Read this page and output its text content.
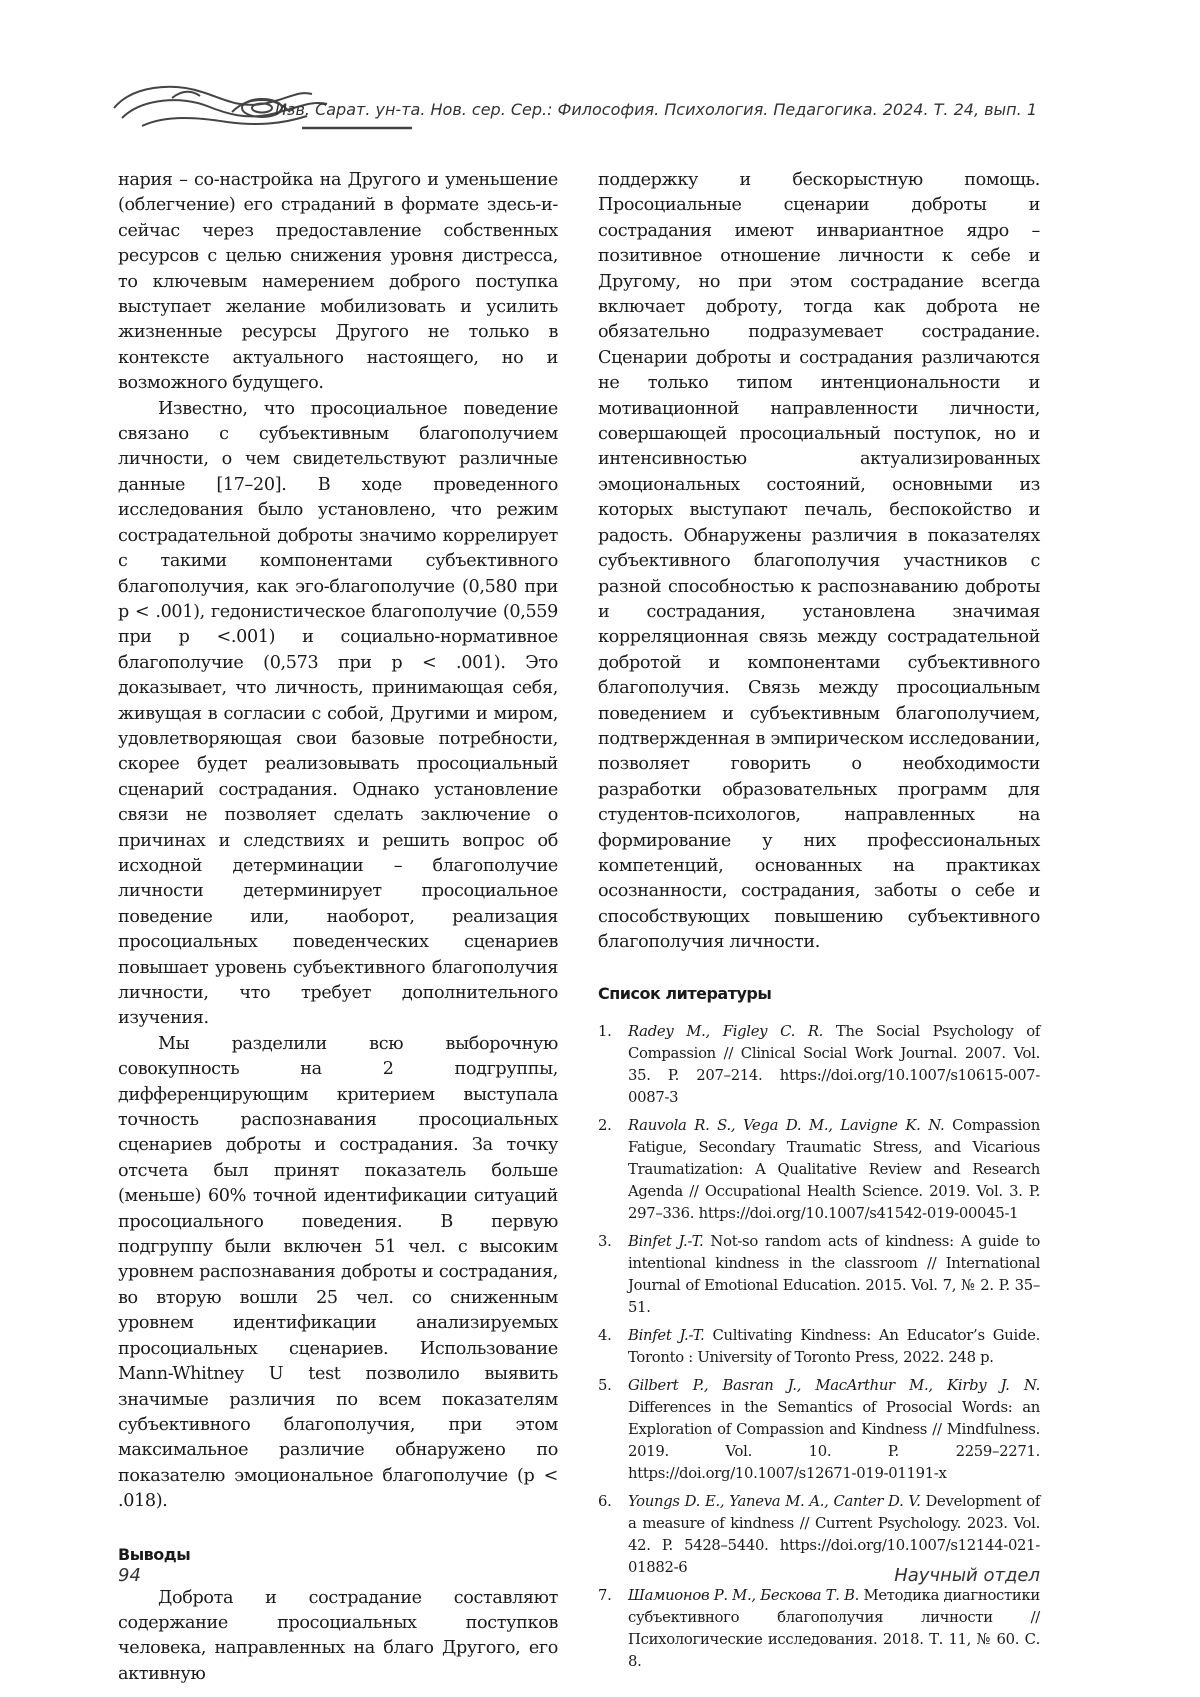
Изв. Сарат. ун-та. Нов. сер. Сер.: Философия. Психология. Педагогика. 2024. Т. 24, вып. 1

нария – со-настройка на Другого и уменьшение (облегчение) его страданий в формате здесь-и-сейчас через предоставление собственных ресурсов с целью снижения уровня дистресса, то ключевым намерением доброго поступка выступает желание мобилизовать и усилить жизненные ресурсы Другого не только в контексте актуального настоящего, но и возможного будущего.

Известно, что просоциальное поведение связано с субъективным благополучием личности, о чем свидетельствуют различные данные [17–20]. В ходе проведенного исследования было установлено, что режим сострадательной доброты значимо коррелирует с такими компонентами субъективного благополучия, как эго-благополучие (0,580 при p < .001), гедонистическое благополучие (0,559 при p <.001) и социально-нормативное благополучие (0,573 при p < .001). Это доказывает, что личность, принимающая себя, живущая в согласии с собой, Другими и миром, удовлетворяющая свои базовые потребности, скорее будет реализовывать просоциальный сценарий сострадания. Однако установление связи не позволяет сделать заключение о причинах и следствиях и решить вопрос об исходной детерминации – благополучие личности детерминирует просоциальное поведение или, наоборот, реализация просоциальных поведенческих сценариев повышает уровень субъективного благополучия личности, что требует дополнительного изучения.

Мы разделили всю выборочную совокупность на 2 подгруппы, дифференцирующим критерием выступала точность распознавания просоциальных сценариев доброты и сострадания. За точку отсчета был принят показатель больше (меньше) 60% точной идентификации ситуаций просоциального поведения. В первую подгруппу были включен 51 чел. с высоким уровнем распознавания доброты и сострадания, во вторую вошли 25 чел. со сниженным уровнем идентификации анализируемых просоциальных сценариев. Использование Mann-Whitney U test позволило выявить значимые различия по всем показателям субъективного благополучия, при этом максимальное различие обнаружено по показателю эмоциональное благополучие (p < .018).

Выводы

Доброта и сострадание составляют содержание просоциальных поступков человека, направленных на благо Другого, его активную

поддержку и бескорыстную помощь. Просоциальные сценарии доброты и сострадания имеют инвариантное ядро – позитивное отношение личности к себе и Другому, но при этом сострадание всегда включает доброту, тогда как доброта не обязательно подразумевает сострадание. Сценарии доброты и сострадания различаются не только типом интенциональности и мотивационной направленности личности, совершающей просоциальный поступок, но и интенсивностью актуализированных эмоциональных состояний, основными из которых выступают печаль, беспокойство и радость. Обнаружены различия в показателях субъективного благополучия участников с разной способностью к распознаванию доброты и сострадания, установлена значимая корреляционная связь между сострадательной добротой и компонентами субъективного благополучия. Связь между просоциальным поведением и субъективным благополучием, подтвержденная в эмпирическом исследовании, позволяет говорить о необходимости разработки образовательных программ для студентов-психологов, направленных на формирование у них профессиональных компетенций, основанных на практиках осознанности, сострадания, заботы о себе и способствующих повышению субъективного благополучия личности.

Список литературы
1. Radey M., Figley C. R. The Social Psychology of Compassion // Clinical Social Work Journal. 2007. Vol. 35. P. 207–214. https://doi.org/10.1007/s10615-007-0087-3
2. Rauvola R. S., Vega D. M., Lavigne K. N. Compassion Fatigue, Secondary Traumatic Stress, and Vicarious Traumatization: A Qualitative Review and Research Agenda // Occupational Health Science. 2019. Vol. 3. P. 297–336. https://doi.org/10.1007/s41542-019-00045-1
3. Binfet J.-T. Not-so random acts of kindness: A guide to intentional kindness in the classroom // International Journal of Emotional Education. 2015. Vol. 7, № 2. P. 35–51.
4. Binfet J.-T. Cultivating Kindness: An Educator’s Guide. Toronto : University of Toronto Press, 2022. 248 p.
5. Gilbert P., Basran J., MacArthur M., Kirby J. N. Differences in the Semantics of Prosocial Words: an Exploration of Compassion and Kindness // Mindfulness. 2019. Vol. 10. P. 2259–2271. https://doi.org/10.1007/s12671-019-01191-x
6. Youngs D. E., Yaneva M. A., Canter D. V. Development of a measure of kindness // Current Psychology. 2023. Vol. 42. P. 5428–5440. https://doi.org/10.1007/s12144-021-01882-6
7. Шамионов Р. М., Бескова Т. В. Методика диагностики субъективного благополучия личности // Психологические исследования. 2018. Т. 11, № 60. С. 8.
94	Научный отдел
